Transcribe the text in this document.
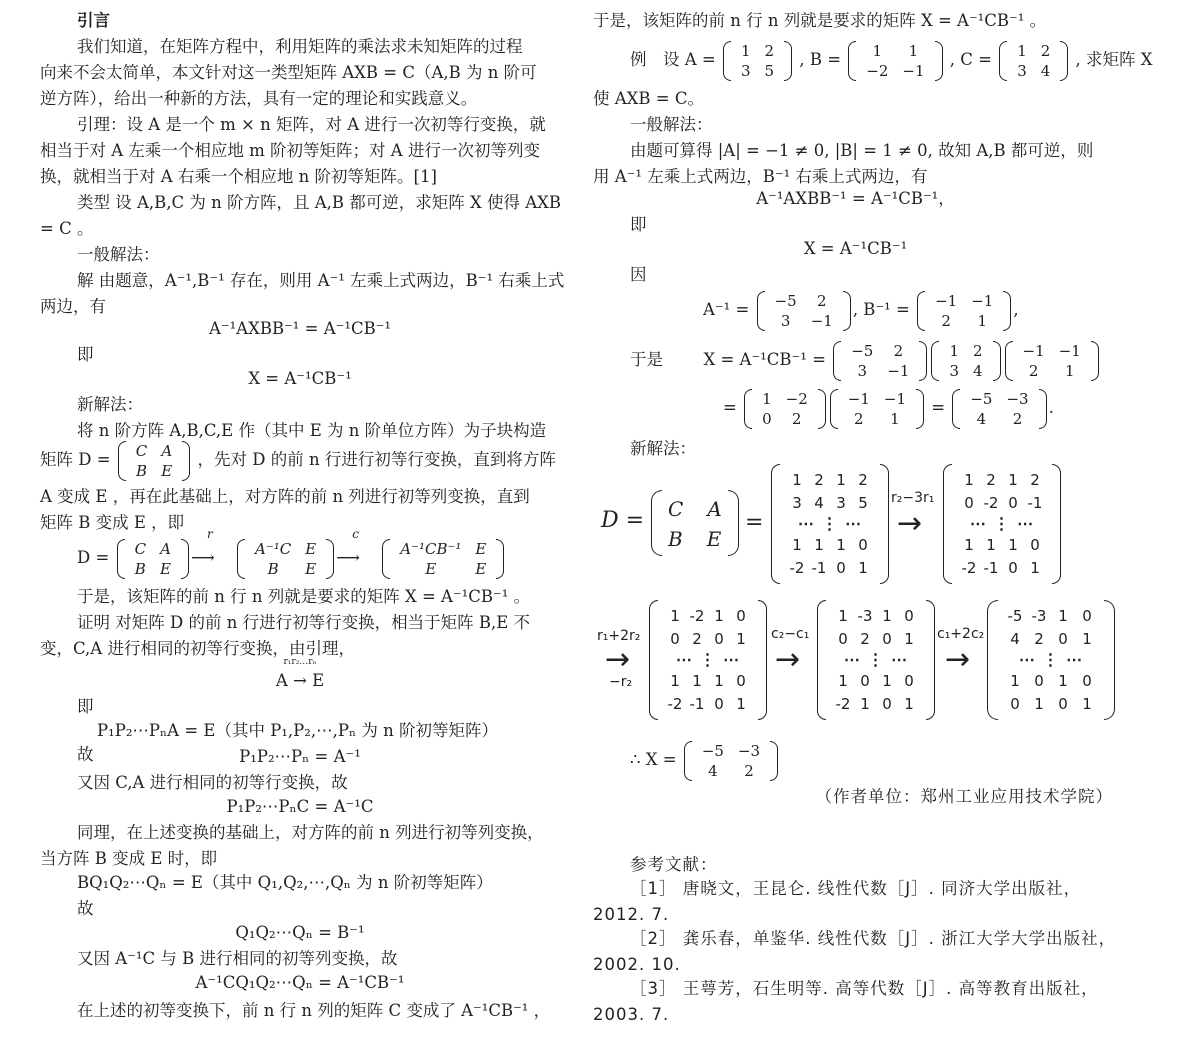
引言
我们知道，在矩阵方程中，利用矩阵的乘法求未知矩阵的过程
向来不会太简单，本文针对这一类型矩阵 AXB = C（A,B 为 n 阶可
逆方阵），给出一种新的方法，具有一定的理论和实践意义。
引理：设 A 是一个 m × n 矩阵，对 A 进行一次初等行变换，就
相当于对 A 左乘一个相应地 m 阶初等矩阵；对 A 进行一次初等列变
换，就相当于对 A 右乘一个相应地 n 阶初等矩阵。[1]
类型 设 A,B,C 为 n 阶方阵，且 A,B 都可逆，求矩阵 X 使得 AXB
= C 。
一般解法：
解 由题意，A⁻¹,B⁻¹ 存在，则用 A⁻¹ 左乘上式两边，B⁻¹ 右乘上式
两边，有
A⁻¹AXBB⁻¹ = A⁻¹CB⁻¹
即
X = A⁻¹CB⁻¹
新解法：
将 n 阶方阵 A,B,C,E 作（其中 E 为 n 阶单位方阵）为子块构造
矩阵 D = C	A
B	E
，先对 D 的前 n 行进行初等行变换，直到将方阵
A 变成 E ，再在此基础上，对方阵的前 n 列进行初等列变换，直到
矩阵 B 变成 E ，即
D = C	A
B	E
r
⟶	A⁻¹C	E
B	E
c
⟶	A⁻¹CB⁻¹	E
E	E
于是，该矩阵的前 n 行 n 列就是要求的矩阵 X = A⁻¹CB⁻¹ 。
证明 对矩阵 D 的前 n 行进行初等行变换，相当于矩阵 B,E 不
变，C,A 进行相同的初等行变换，由引理，
r₁r₂…rₙ
A → E
即
P₁P₂⋯PₙA = E（其中 P₁,P₂,⋯,Pₙ 为 n 阶初等矩阵）
故	P₁P₂⋯Pₙ = A⁻¹
又因 C,A 进行相同的初等行变换，故
P₁P₂⋯PₙC = A⁻¹C
同理，在上述变换的基础上，对方阵的前 n 列进行初等列变换，
当方阵 B 变成 E 时，即
BQ₁Q₂⋯Qₙ = E（其中 Q₁,Q₂,⋯,Qₙ 为 n 阶初等矩阵）
故
Q₁Q₂⋯Qₙ = B⁻¹
又因 A⁻¹C 与 B 进行相同的初等列变换，故
A⁻¹CQ₁Q₂⋯Qₙ = A⁻¹CB⁻¹
在上述的初等变换下，前 n 行 n 列的矩阵 C 变成了 A⁻¹CB⁻¹ ，
于是，该矩阵的前 n 行 n 列就是要求的矩阵 X = A⁻¹CB⁻¹ 。
例　设 A = 1	2
3	5
, B = 1	1
−2	−1
, C = 1	2
3	4
, 求矩阵 X
使 AXB = C。
一般解法：
由题可算得 |A| = −1 ≠ 0, |B| = 1 ≠ 0, 故知 A,B 都可逆，则
用 A⁻¹ 左乘上式两边，B⁻¹ 右乘上式两边，有
A⁻¹AXBB⁻¹ = A⁻¹CB⁻¹，
即
X = A⁻¹CB⁻¹
因
A⁻¹ = −5	2
3	−1
, B⁻¹ = −1	−1
2	1
,
于是 X = A⁻¹CB⁻¹ = −5	2
3	−1
1	2
3	4
−1	−1
2	1
= 1	−2
0	2
−1	−1
2	1
= −5	−3
4	2
.
新解法：
D = C A
B E
=
1 2 1 2
3 4 3 5
⋯ ⋮ ⋯
1 1 1 0
-2 -1 0 1
r₂−3r₁
→
1 2 1 2
0 -2 0 -1
⋯ ⋮ ⋯
1 1 1 0
-2 -1 0 1
r₁+2r₂
→
−r₂
1 -2 1 0
0 2 0 1
⋯ ⋮ ⋯
1 1 1 0
-2 -1 0 1
c₂−c₁
→
1 -3 1 0
0 2 0 1
⋯ ⋮ ⋯
1 0 1 0
-2 1 0 1
c₁+2c₂
→
-5 -3 1 0
4 2 0 1
⋯ ⋮ ⋯
1 0 1 0
0 1 0 1
∴ X = −5	−3
4	2
（作者单位：郑州工业应用技术学院）
参考文献：
［1］ 唐晓文，王昆仑. 线性代数［J］. 同济大学出版社，
2012. 7.
［2］ 龚乐春，单鉴华. 线性代数［J］. 浙江大学大学出版社，
2002. 10.
［3］ 王萼芳，石生明等. 高等代数［J］. 高等教育出版社，
2003. 7.
